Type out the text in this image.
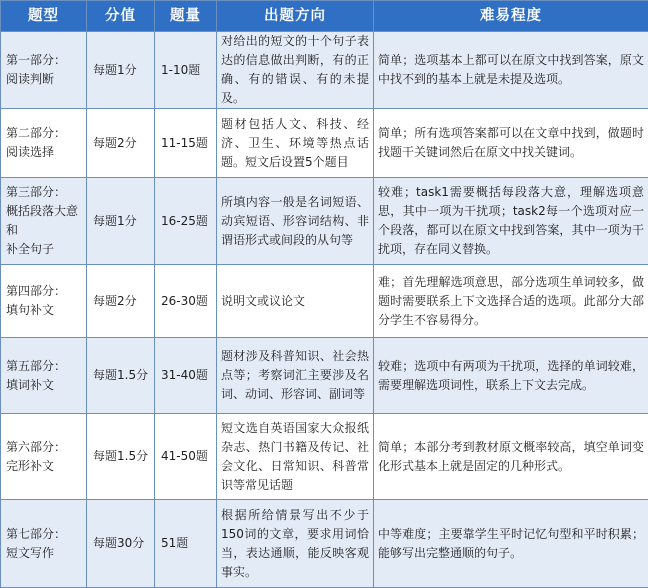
题型	分值	题量	出题方向	难易程度

第一部分：
阅读判断	每题1分	1-10题	对给出的短文的十个句子表达的信息做出判断，有的正确、有的错误、有的未提及。	简单；选项基本上都可以在原文中找到答案，原文中找不到的基本上就是未提及选项。

第二部分：
阅读选择	每题2分	11-15题	题材包括人文、科技、经济、卫生、环境等热点话题。短文后设置5个题目	简单；所有选项答案都可以在文章中找到，做题时找题干关键词然后在原文中找关键词。

第三部分：
概括段落大意和
补全句子	每题1分	16-25题	所填内容一般是名词短语、动宾短语、形容词结构、非谓语形式或间段的从句等	较难；task1需要概括每段落大意，理解选项意思，其中一项为干扰项；task2每一个选项对应一个段落，都可以在原文中找到答案，其中一项为干扰项，存在同义替换。

第四部分：
填句补文	每题2分	26-30题	说明文或议论文	难；首先理解选项意思，部分选项生单词较多，做题时需要联系上下文选择合适的选项。此部分大部分学生不容易得分。

第五部分：
填词补文	每题1.5分	31-40题	题材涉及科普知识、社会热点等；考察词汇主要涉及名词、动词、形容词、副词等	较难；选项中有两项为干扰项，选择的单词较难，需要理解选项词性，联系上下文去完成。

第六部分：
完形补文	每题1.5分	41-50题	短文选自英语国家大众报纸杂志、热门书籍及传记、社会文化、日常知识、科普常识等常见话题	简单；本部分考到教材原文概率较高，填空单词变化形式基本上就是固定的几种形式。

第七部分：
短文写作	每题30分	51题	根据所给情景写出不少于150词的文章，要求用词恰当，表达通顺，能反映客观事实。	中等难度；主要靠学生平时记忆句型和平时积累；能够写出完整通顺的句子。
